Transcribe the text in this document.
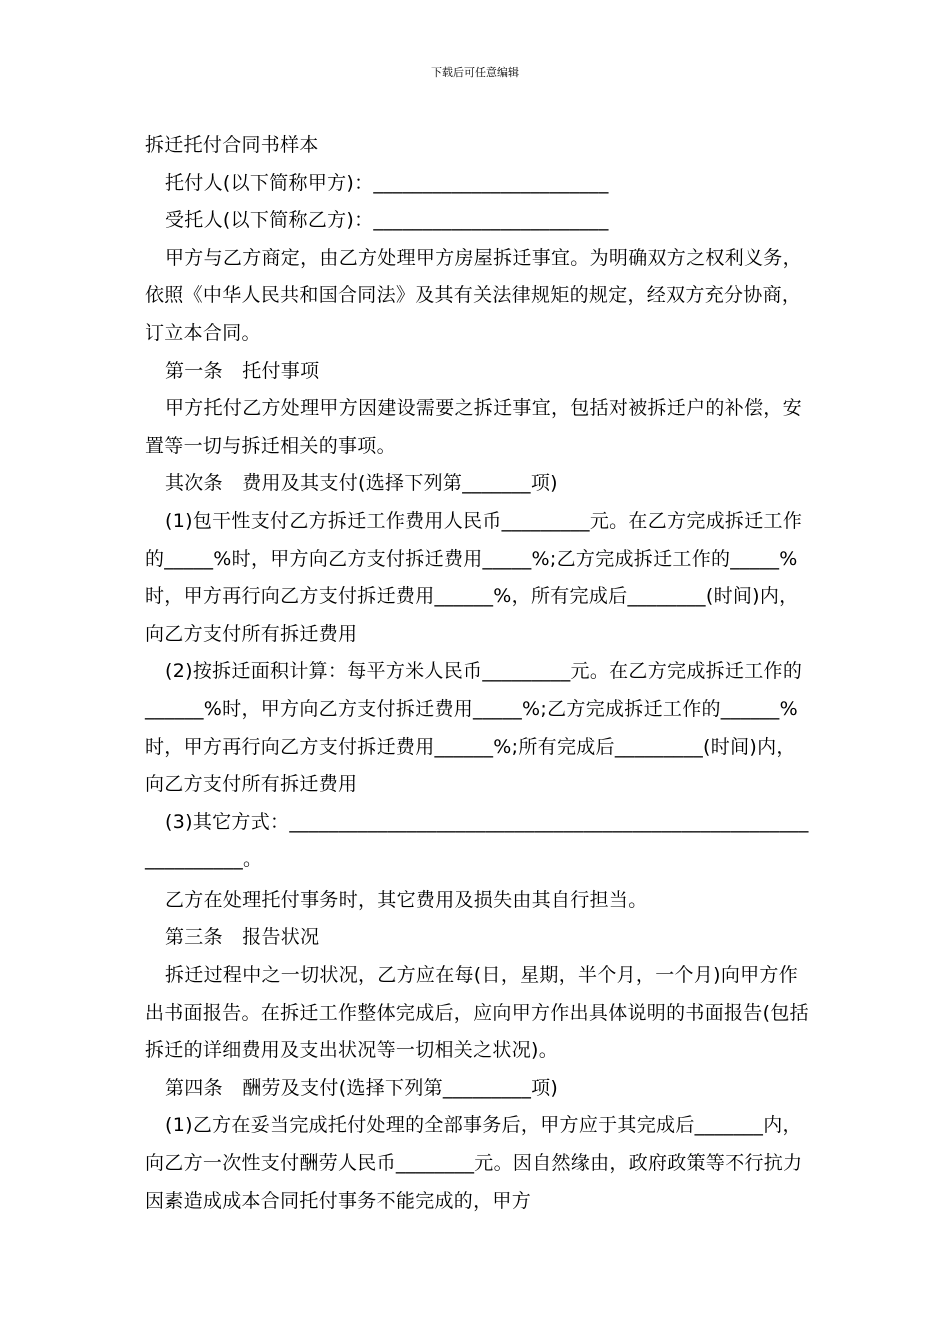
下载后可任意编辑

拆迁托付合同书样本

托付人(以下简称甲方)：________________________

受托人(以下简称乙方)：________________________

甲方与乙方商定，由乙方处理甲方房屋拆迁事宜。为明确双方之权利义务，依照《中华人民共和国合同法》及其有关法律规矩的规定，经双方充分协商，订立本合同。

第一条　托付事项

甲方托付乙方处理甲方因建设需要之拆迁事宜，包括对被拆迁户的补偿，安置等一切与拆迁相关的事项。

其次条　费用及其支付(选择下列第_______项)

(1)包干性支付乙方拆迁工作费用人民币_________元。在乙方完成拆迁工作的_____%时，甲方向乙方支付拆迁费用_____%;乙方完成拆迁工作的_____%时，甲方再行向乙方支付拆迁费用______%，所有完成后________(时间)内，向乙方支付所有拆迁费用

(2)按拆迁面积计算：每平方米人民币_________元。在乙方完成拆迁工作的______%时，甲方向乙方支付拆迁费用_____%;乙方完成拆迁工作的______%时，甲方再行向乙方支付拆迁费用______%;所有完成后_________(时间)内，向乙方支付所有拆迁费用

(3)其它方式：_______________________________________________________________。

乙方在处理托付事务时，其它费用及损失由其自行担当。

第三条　报告状况

拆迁过程中之一切状况，乙方应在每(日，星期，半个月，一个月)向甲方作出书面报告。在拆迁工作整体完成后，应向甲方作出具体说明的书面报告(包括拆迁的详细费用及支出状况等一切相关之状况)。

第四条　酬劳及支付(选择下列第_________项)

(1)乙方在妥当完成托付处理的全部事务后，甲方应于其完成后_______内，向乙方一次性支付酬劳人民币________元。因自然缘由，政府政策等不行抗力因素造成成本合同托付事务不能完成的，甲方
